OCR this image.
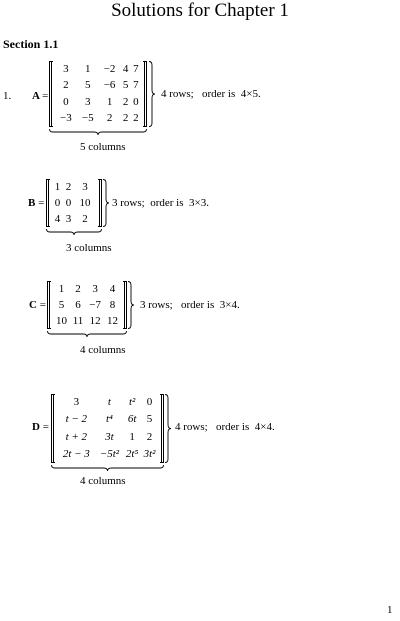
Solutions for Chapter 1
Section 1.1
1. A =
3	1	−2	4	7
2	5	−6	5	7
0	3	1	2	0
−3	−5	2	2	2
4 rows; order is 4×5.
5 columns
B =
1	2	3
0	0	10
4	3	2
3 rows; order is 3×3.
3 columns
C =
1	2	3	4
5	6	−7	8
10	11	12	12
3 rows; order is 3×4.
4 columns
D =
3	t	t²	0
t − 2	t⁴	6t	5
t + 2	3t	1	2
2t − 3	−5t²	2t⁵	3t²
4 rows; order is 4×4.
4 columns
1
